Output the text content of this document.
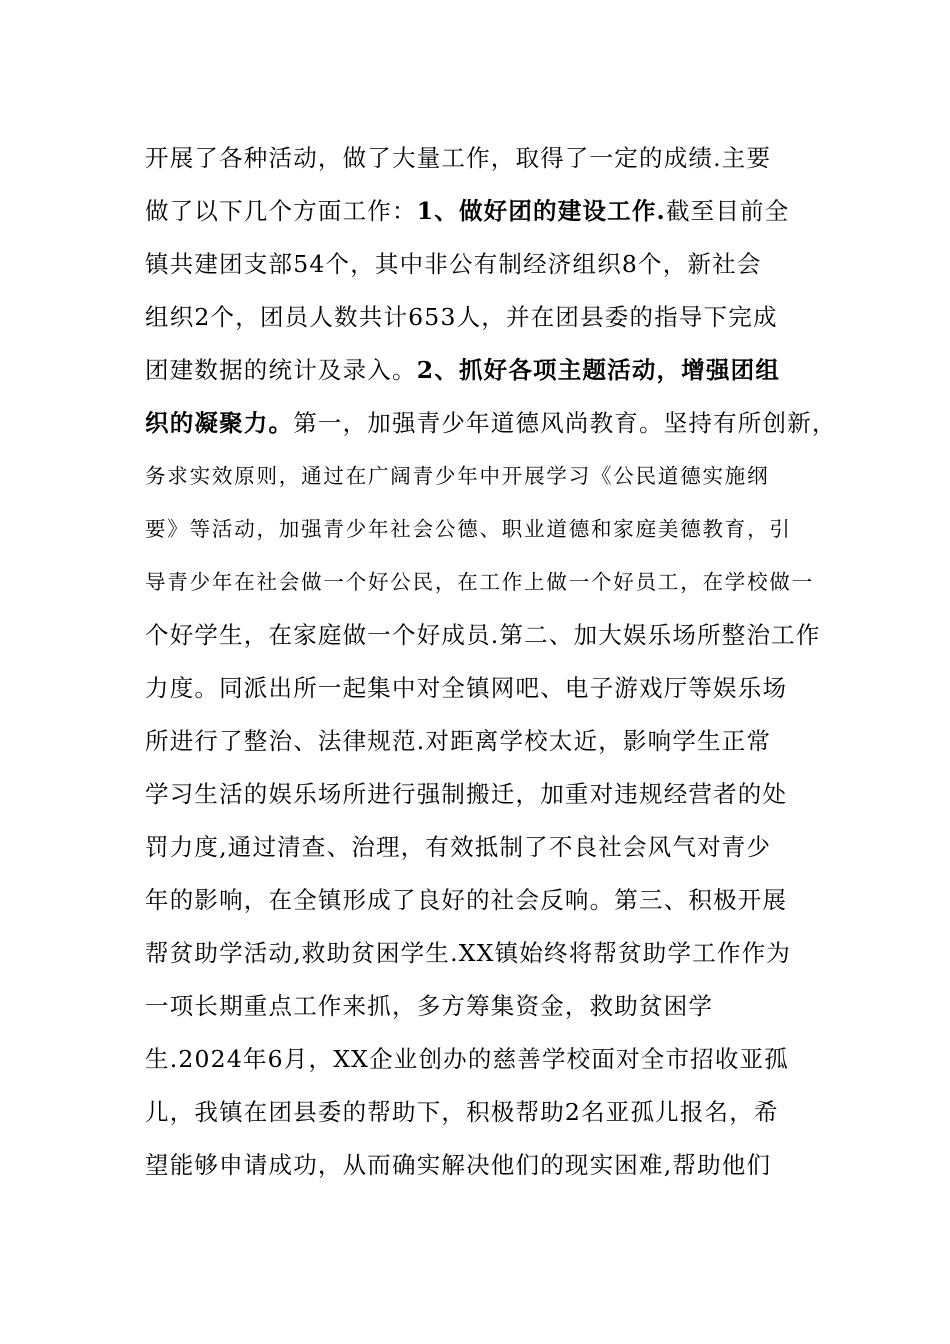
开展了各种活动，做了大量工作，取得了一定的成绩.主要
做了以下几个方面工作：1、做好团的建设工作.截至目前全
镇共建团支部54个，其中非公有制经济组织8个，新社会
组织2个，团员人数共计653人，并在团县委的指导下完成
团建数据的统计及录入。2、抓好各项主题活动，增强团组
织的凝聚力。第一，加强青少年道德风尚教育。坚持有所创新，
务求实效原则，通过在广阔青少年中开展学习《公民道德实施纲
要》等活动，加强青少年社会公德、职业道德和家庭美德教育，引
导青少年在社会做一个好公民，在工作上做一个好员工，在学校做一
个好学生，在家庭做一个好成员.第二、加大娱乐场所整治工作
力度。同派出所一起集中对全镇网吧、电子游戏厅等娱乐场
所进行了整治、法律规范.对距离学校太近，影响学生正常
学习生活的娱乐场所进行强制搬迁，加重对违规经营者的处
罚力度,通过清查、治理，有效抵制了不良社会风气对青少
年的影响，在全镇形成了良好的社会反响。第三、积极开展
帮贫助学活动,救助贫困学生.XX镇始终将帮贫助学工作作为
一项长期重点工作来抓，多方筹集资金，救助贫困学
生.2024年6月，XX企业创办的慈善学校面对全市招收亚孤
儿，我镇在团县委的帮助下，积极帮助2名亚孤儿报名，希
望能够申请成功，从而确实解决他们的现实困难,帮助他们
